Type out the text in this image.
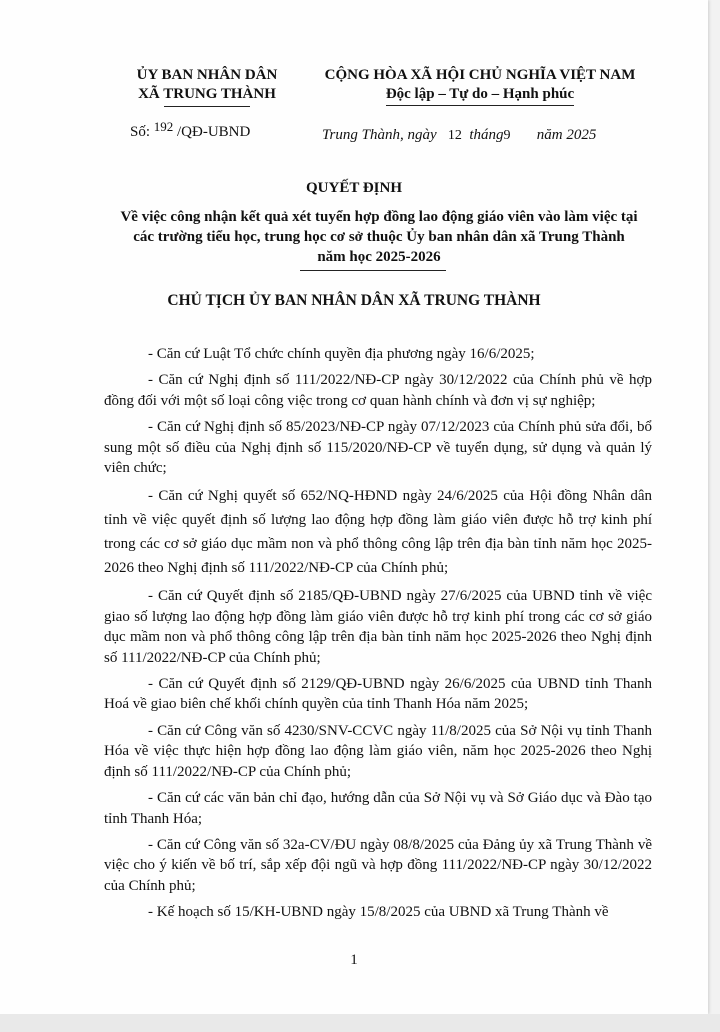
ỦY BAN NHÂN DÂN
XÃ TRUNG THÀNH
CỘNG HÒA XÃ HỘI CHỦ NGHĨA VIỆT NAM
Độc lập – Tự do – Hạnh phúc
Số: 192 /QĐ-UBND	Trung Thành, ngày 12 tháng9 năm 2025
QUYẾT ĐỊNH
Về việc công nhận kết quả xét tuyển hợp đồng lao động giáo viên vào làm việc tại các trường tiểu học, trung học cơ sở thuộc Ủy ban nhân dân xã Trung Thành năm học 2025-2026
CHỦ TỊCH ỦY BAN NHÂN DÂN XÃ TRUNG THÀNH

- Căn cứ Luật Tổ chức chính quyền địa phương ngày 16/6/2025;

- Căn cứ Nghị định số 111/2022/NĐ-CP ngày 30/12/2022 của Chính phủ về hợp đồng đối với một số loại công việc trong cơ quan hành chính và đơn vị sự nghiệp;

- Căn cứ Nghị định số 85/2023/NĐ-CP ngày 07/12/2023 của Chính phủ sửa đổi, bổ sung một số điều của Nghị định số 115/2020/NĐ-CP về tuyển dụng, sử dụng và quản lý viên chức;

- Căn cứ Nghị quyết số 652/NQ-HĐND ngày 24/6/2025 của Hội đồng Nhân dân tỉnh về việc quyết định số lượng lao động hợp đồng làm giáo viên được hỗ trợ kinh phí trong các cơ sở giáo dục mầm non và phổ thông công lập trên địa bàn tỉnh năm học 2025-2026 theo Nghị định số 111/2022/NĐ-CP của Chính phủ;

- Căn cứ Quyết định số 2185/QĐ-UBND ngày 27/6/2025 của UBND tỉnh về việc giao số lượng lao động hợp đồng làm giáo viên được hỗ trợ kinh phí trong các cơ sở giáo dục mầm non và phổ thông công lập trên địa bàn tỉnh năm học 2025-2026 theo Nghị định số 111/2022/NĐ-CP của Chính phủ;

- Căn cứ Quyết định số 2129/QĐ-UBND ngày 26/6/2025 của UBND tỉnh Thanh Hoá về giao biên chế khối chính quyền của tỉnh Thanh Hóa năm 2025;

- Căn cứ Công văn số 4230/SNV-CCVC ngày 11/8/2025 của Sở Nội vụ tỉnh Thanh Hóa về việc thực hiện hợp đồng lao động làm giáo viên, năm học 2025-2026 theo Nghị định số 111/2022/NĐ-CP của Chính phủ;

- Căn cứ các văn bản chỉ đạo, hướng dẫn của Sở Nội vụ và Sở Giáo dục và Đào tạo tỉnh Thanh Hóa;

- Căn cứ Công văn số 32a-CV/ĐU ngày 08/8/2025 của Đảng ủy xã Trung Thành về việc cho ý kiến về bố trí, sắp xếp đội ngũ và hợp đồng 111/2022/NĐ-CP ngày 30/12/2022 của Chính phủ;

- Kế hoạch số 15/KH-UBND ngày 15/8/2025 của UBND xã Trung Thành về

1
